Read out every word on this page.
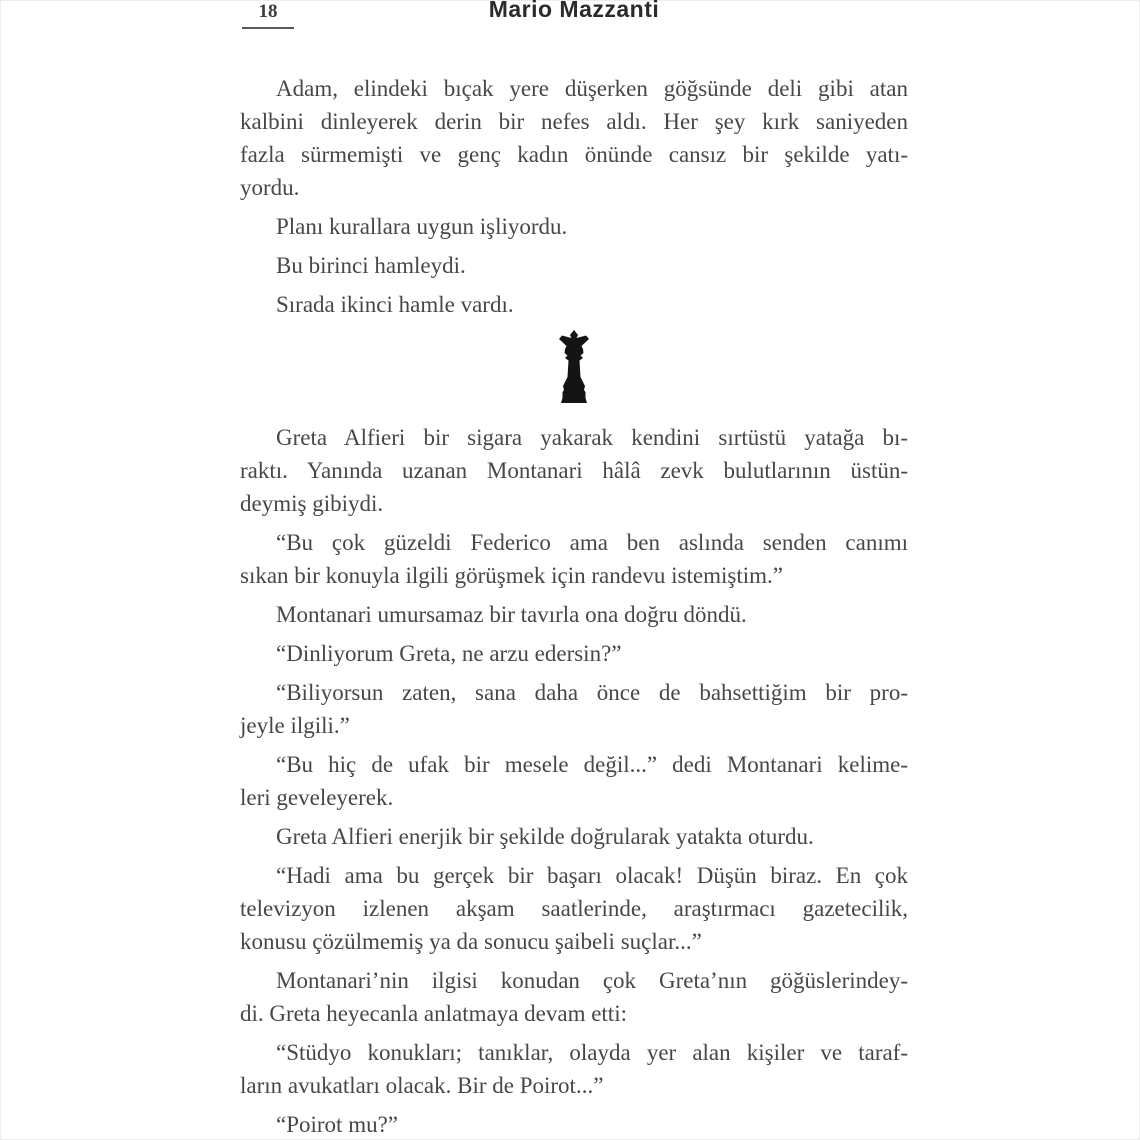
18	Mario Mazzanti
Adam, elindeki bıçak yere düşerken göğsünde deli gibi atan
kalbini dinleyerek derin bir nefes aldı. Her şey kırk saniyeden
fazla sürmemişti ve genç kadın önünde cansız bir şekilde yatı-
yordu.
Planı kurallara uygun işliyordu.
Bu birinci hamleydi.
Sırada ikinci hamle vardı.
Greta Alfieri bir sigara yakarak kendini sırtüstü yatağa bı-
raktı. Yanında uzanan Montanari hâlâ zevk bulutlarının üstün-
deymiş gibiydi.
“Bu çok güzeldi Federico ama ben aslında senden canımı
sıkan bir konuyla ilgili görüşmek için randevu istemiştim.”
Montanari umursamaz bir tavırla ona doğru döndü.
“Dinliyorum Greta, ne arzu edersin?”
“Biliyorsun zaten, sana daha önce de bahsettiğim bir pro-
jeyle ilgili.”
“Bu hiç de ufak bir mesele değil...” dedi Montanari kelime-
leri geveleyerek.
Greta Alfieri enerjik bir şekilde doğrularak yatakta oturdu.
“Hadi ama bu gerçek bir başarı olacak! Düşün biraz. En çok
televizyon izlenen akşam saatlerinde, araştırmacı gazetecilik,
konusu çözülmemiş ya da sonucu şaibeli suçlar...”
Montanari’nin ilgisi konudan çok Greta’nın göğüslerindey-
di. Greta heyecanla anlatmaya devam etti:
“Stüdyo konukları; tanıklar, olayda yer alan kişiler ve taraf-
ların avukatları olacak. Bir de Poirot...”
“Poirot mu?”
